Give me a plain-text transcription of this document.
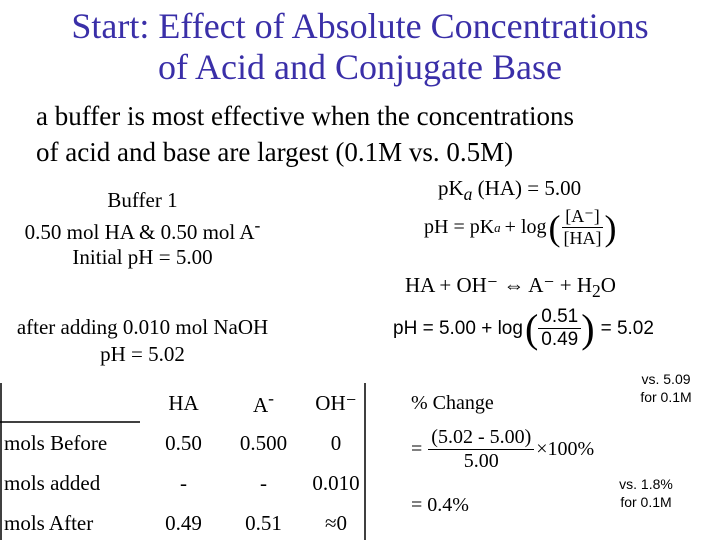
Start: Effect of Absolute Concentrations
of Acid and Conjugate Base
a buffer is most effective when the concentrations
of acid and base are largest (0.1M vs. 0.5M)
Buffer 1
0.50 mol HA & 0.50 mol A-
Initial pH = 5.00
$pK_a$ (HA) = 5.00
pH = pK a + log ( $\frac{[A^-]}{[HA]}$ )
HA + OH⁻ ⇔ $A^- + H_2O$
after adding 0.010 mol NaOH
pH = 5.02
pH = 5.00 + log ( $\frac{0.51}{0.49}$ ) = 5.02
	HA	A-	OH⁻
mols Before	0.50	0.500	0
mols added	-	-	0.010
mols After	0.49	0.51	≈0
% Change
= $\frac{(5.02 - 5.00)}{5.00} \times 100\%$
= 0.4%
vs. 5.09
for 0.1M
vs. 1.8%
for 0.1M
